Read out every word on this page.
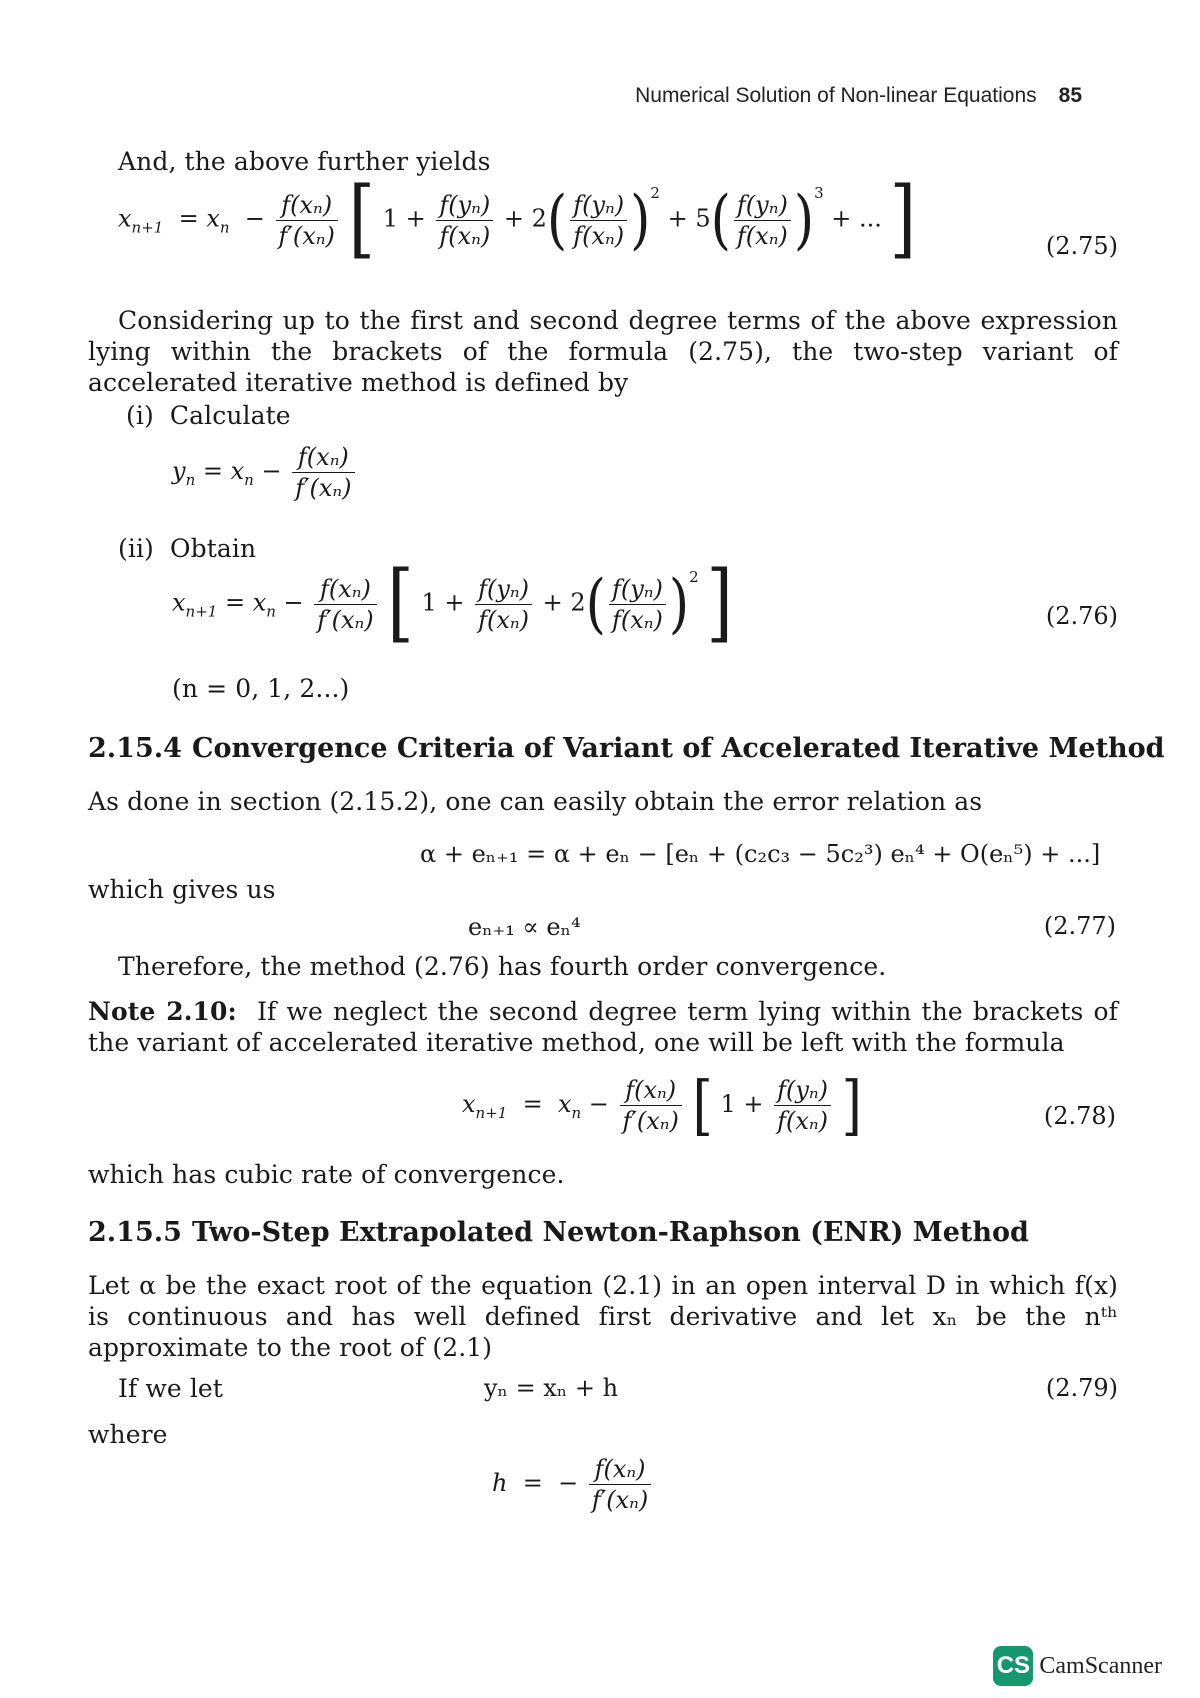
Numerical Solution of Non-linear Equations 85
And, the above further yields
$x_{n+1} = x_n - \frac{\text{f(xₙ)}}{\text{f′(xₙ)}}$ [ $1 + \frac{\text{f(yₙ)}}{\text{f(xₙ)}} + 2( \frac{\text{f(yₙ)}}{\text{f(xₙ)}} )^2 + 5( \frac{\text{f(yₙ)}}{\text{f(xₙ)}} )^3$ + ... ]	(2.75)
Considering up to the first and second degree terms of the above expression lying within the brackets of the formula (2.75), the two-step variant of accelerated iterative method is defined by
(i) Calculate
$y_n = x_n - \frac{\text{f(xₙ)}}{\text{f′(xₙ)}}$
(ii) Obtain
$x_{n+1} = x_n - \frac{\text{f(xₙ)}}{\text{f′(xₙ)}}$ [ $1 + \frac{\text{f(yₙ)}}{\text{f(xₙ)}} + 2( \frac{\text{f(yₙ)}}{\text{f(xₙ)}} )^2$ ]	(2.76)
(n = 0, 1, 2...)
2.15.4 Convergence Criteria of Variant of Accelerated Iterative Method
As done in section (2.15.2), one can easily obtain the error relation as
α + eₙ₊₁ = α + eₙ − [eₙ + (c₂c₃ − 5c₂³) eₙ⁴ + O(eₙ⁵) + ...]
which gives us
eₙ₊₁ ∝ eₙ⁴	(2.77)
Therefore, the method (2.76) has fourth order convergence.
Note 2.10: If we neglect the second degree term lying within the brackets of the variant of accelerated iterative method, one will be left with the formula
$x_{n+1} = x_n - \frac{\text{f(xₙ)}}{\text{f′(xₙ)}}$ [ $1 + \frac{\text{f(yₙ)}}{\text{f(xₙ)}}$ ]	(2.78)
which has cubic rate of convergence.
2.15.5 Two-Step Extrapolated Newton-Raphson (ENR) Method
Let α be the exact root of the equation (2.1) in an open interval D in which f(x) is continuous and has well defined first derivative and let xₙ be the nᵗʰ approximate to the root of (2.1)
If we let	yₙ = xₙ + h	(2.79)
where
h = − $\frac{\text{f(xₙ)}}{\text{f′(xₙ)}}$
CS CamScanner
